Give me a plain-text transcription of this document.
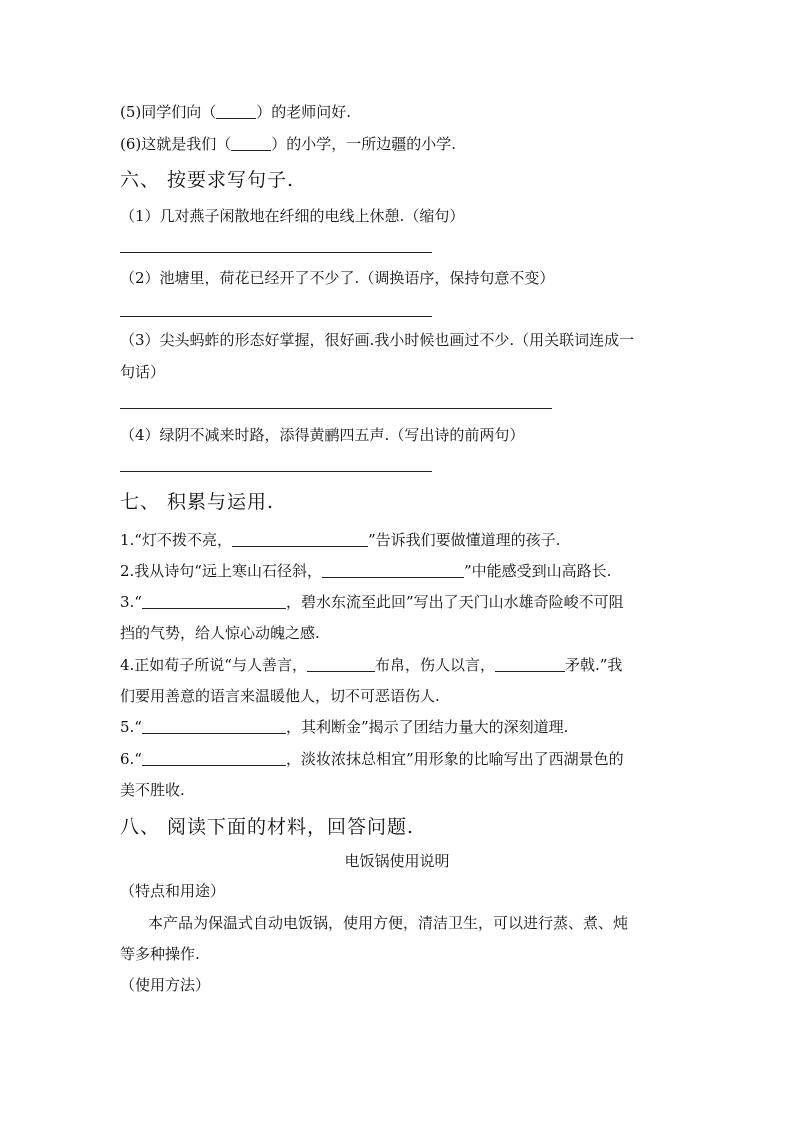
(5)同学们向（	）的老师问好.
(6)这就是我们（	）的小学，一所边疆的小学.
六、 按要求写句子.
（1）几对燕子闲散地在纤细的电线上休憩.（缩句）
（2）池塘里，荷花已经开了不少了.（调换语序，保持句意不变）
（3）尖头蚂蚱的形态好掌握，很好画.我小时候也画过不少.（用关联词连成一
句话）
（4）绿阴不减来时路，添得黄鹂四五声.（写出诗的前两句）
七、 积累与运用.
1.“灯不拨不亮，	”告诉我们要做懂道理的孩子.
2.我从诗句“远上寒山石径斜，	”中能感受到山高路长.
3.“	，碧水东流至此回”写出了天门山水雄奇险峻不可阻
挡的气势，给人惊心动魄之感.
4.正如荀子所说“与人善言，	布帛，伤人以言，	矛戟.”我
们要用善意的语言来温暖他人，切不可恶语伤人.
5.“	，其利断金”揭示了团结力量大的深刻道理.
6.“	，淡妆浓抹总相宜”用形象的比喻写出了西湖景色的
美不胜收.
八、 阅读下面的材料，回答问题.
电饭锅使用说明
（特点和用途）
本产品为保温式自动电饭锅，使用方便，清洁卫生，可以进行蒸、煮、炖
等多种操作.
（使用方法）
